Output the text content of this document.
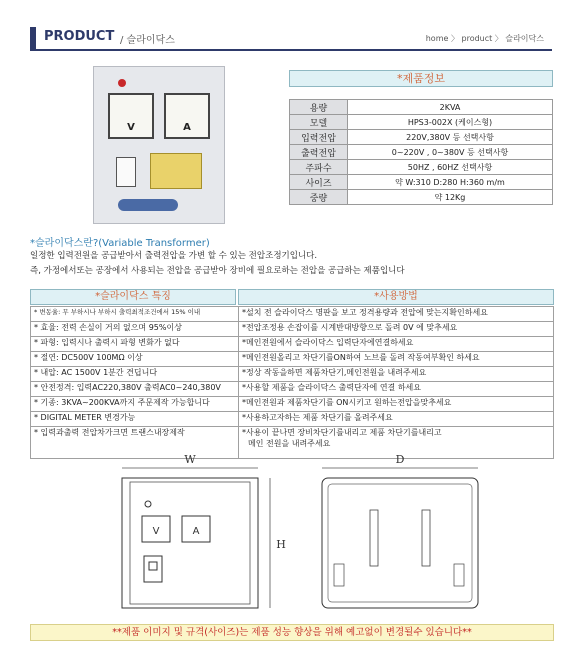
PRODUCT / 슬라이닥스	home 〉 product 〉 슬라이닥스
V	A
*제품정보
용량	2KVA
모델	HPS3-002X (케이스형)
입력전압	220V,380V 등 선택사항
출력전압	0~220V , 0~380V 등 선택사항
주파수	50HZ , 60HZ 선택사항
사이즈	약 W:310 D:280 H:360 m/m
중량	약 12Kg
*슬라이닥스란?(Variable Transformer)
일정한 입력전원을 공급받아서 출력전압을 가변 할 수 있는 전압조정기입니다.
즉, 가정에서또는 공장에서 사용되는 전압을 공급받아 장비에 필요로하는 전압을 공급하는 제품입니다
*슬라이닥스 특징	*사용방법
* 변동율: 무 부하시나 부하시 출력최적조건에서 15% 이내	*설치 전 슬라이닥스 명판을 보고 정격용량과 전압에 맞는지확인하세요
* 효율: 전력 손실이 거의 없으며 95%이상	*전압조정용 손잡이를 시계반대방향으로 돌려 0V 에 맞추세요
* 파형: 입력시나 출력시 파형 변화가 없다	*메인전원에서 슬라이닥스 입력단자에연결하세요
* 절연: DC500V 100MΩ 이상	*메인전원올리고 차단기를ON하여 노브를 돌려 작동여부확인 하세요
* 내압: AC 1500V 1분간 견딥니다	*정상 작동을하면 제품차단기,메인전원을 내려주세요
* 안전정격: 입력AC220,380V 출력AC0~240,380V	*사용할 제품을 슬라이닥스 출력단자에 연결 하세요
* 기종: 3KVA~200KVA까지 주문제작 가능합니다	*메인전원과 제품차단기를 ON시키고 원하는전압을맞추세요
* DIGITAL METER 변경가능	*사용하고자하는 제품 차단기를 올려주세요
* 입력과출력 전압차가크면 트랜스내장제작	*사용이 끝나면 장비차단기를내리고 제품 차단기를내리고
메인 전원을 내려주세요
W
V	A
H
D
**제품 이미지 및 규격(사이즈)는 제품 성능 향상을 위해 예고없이 변경될수 있습니다**
